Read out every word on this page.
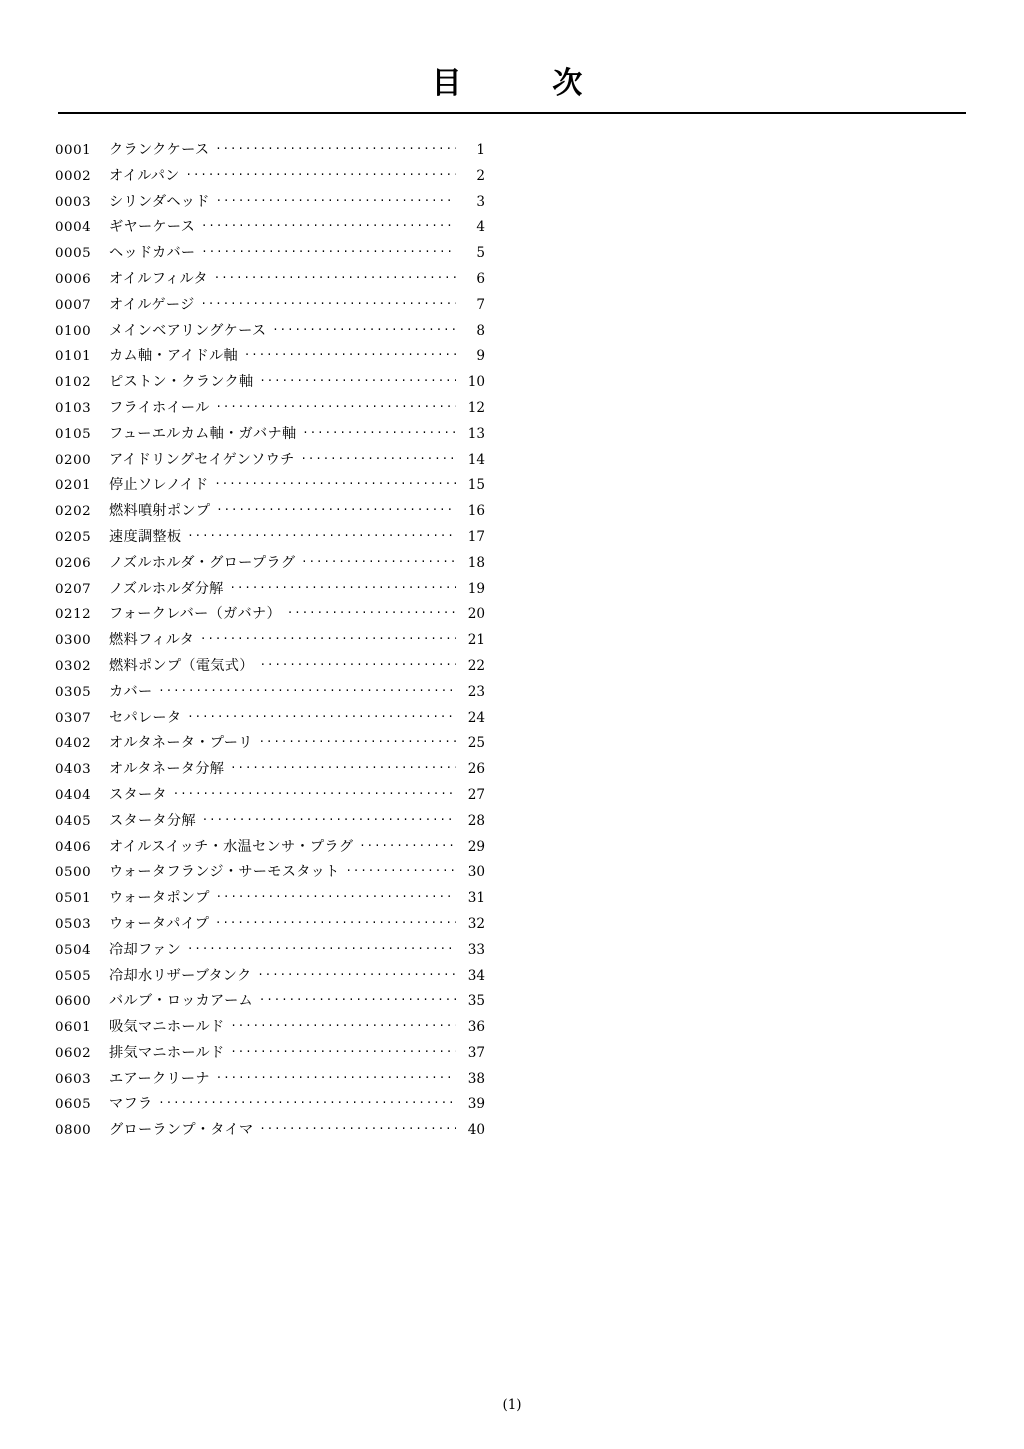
目　　次
0001	クランクケース ·····	1
0002	オイルパン ·····	2
0003	シリンダヘッド ·····	3
0004	ギヤーケース ·····	4
0005	ヘッドカバー ·····	5
0006	オイルフィルタ ·····	6
0007	オイルゲージ ·····	7
0100	メインベアリングケース ·····	8
0101	カム軸・アイドル軸 ·····	9
0102	ピストン・クランク軸 ·····	10
0103	フライホイール ·····	12
0105	フューエルカム軸・ガバナ軸 ·····	13
0200	アイドリングセイゲンソウチ ·····	14
0201	停止ソレノイド ·····	15
0202	燃料噴射ポンプ ·····	16
0205	速度調整板 ·····	17
0206	ノズルホルダ・グロープラグ ·····	18
0207	ノズルホルダ分解 ·····	19
0212	フォークレバー（ガバナ） ·····	20
0300	燃料フィルタ ·····	21
0302	燃料ポンプ（電気式） ·····	22
0305	カバー ·····	23
0307	セパレータ ·····	24
0402	オルタネータ・プーリ ·····	25
0403	オルタネータ分解 ·····	26
0404	スタータ ·····	27
0405	スタータ分解 ·····	28
0406	オイルスイッチ・水温センサ・プラグ ·····	29
0500	ウォータフランジ・サーモスタット ·····	30
0501	ウォータポンプ ·····	31
0503	ウォータパイプ ·····	32
0504	冷却ファン ·····	33
0505	冷却水リザーブタンク ·····	34
0600	バルブ・ロッカアーム ·····	35
0601	吸気マニホールド ·····	36
0602	排気マニホールド ·····	37
0603	エアークリーナ ·····	38
0605	マフラ ·····	39
0800	グローランプ・タイマ ·····	40
(1)
